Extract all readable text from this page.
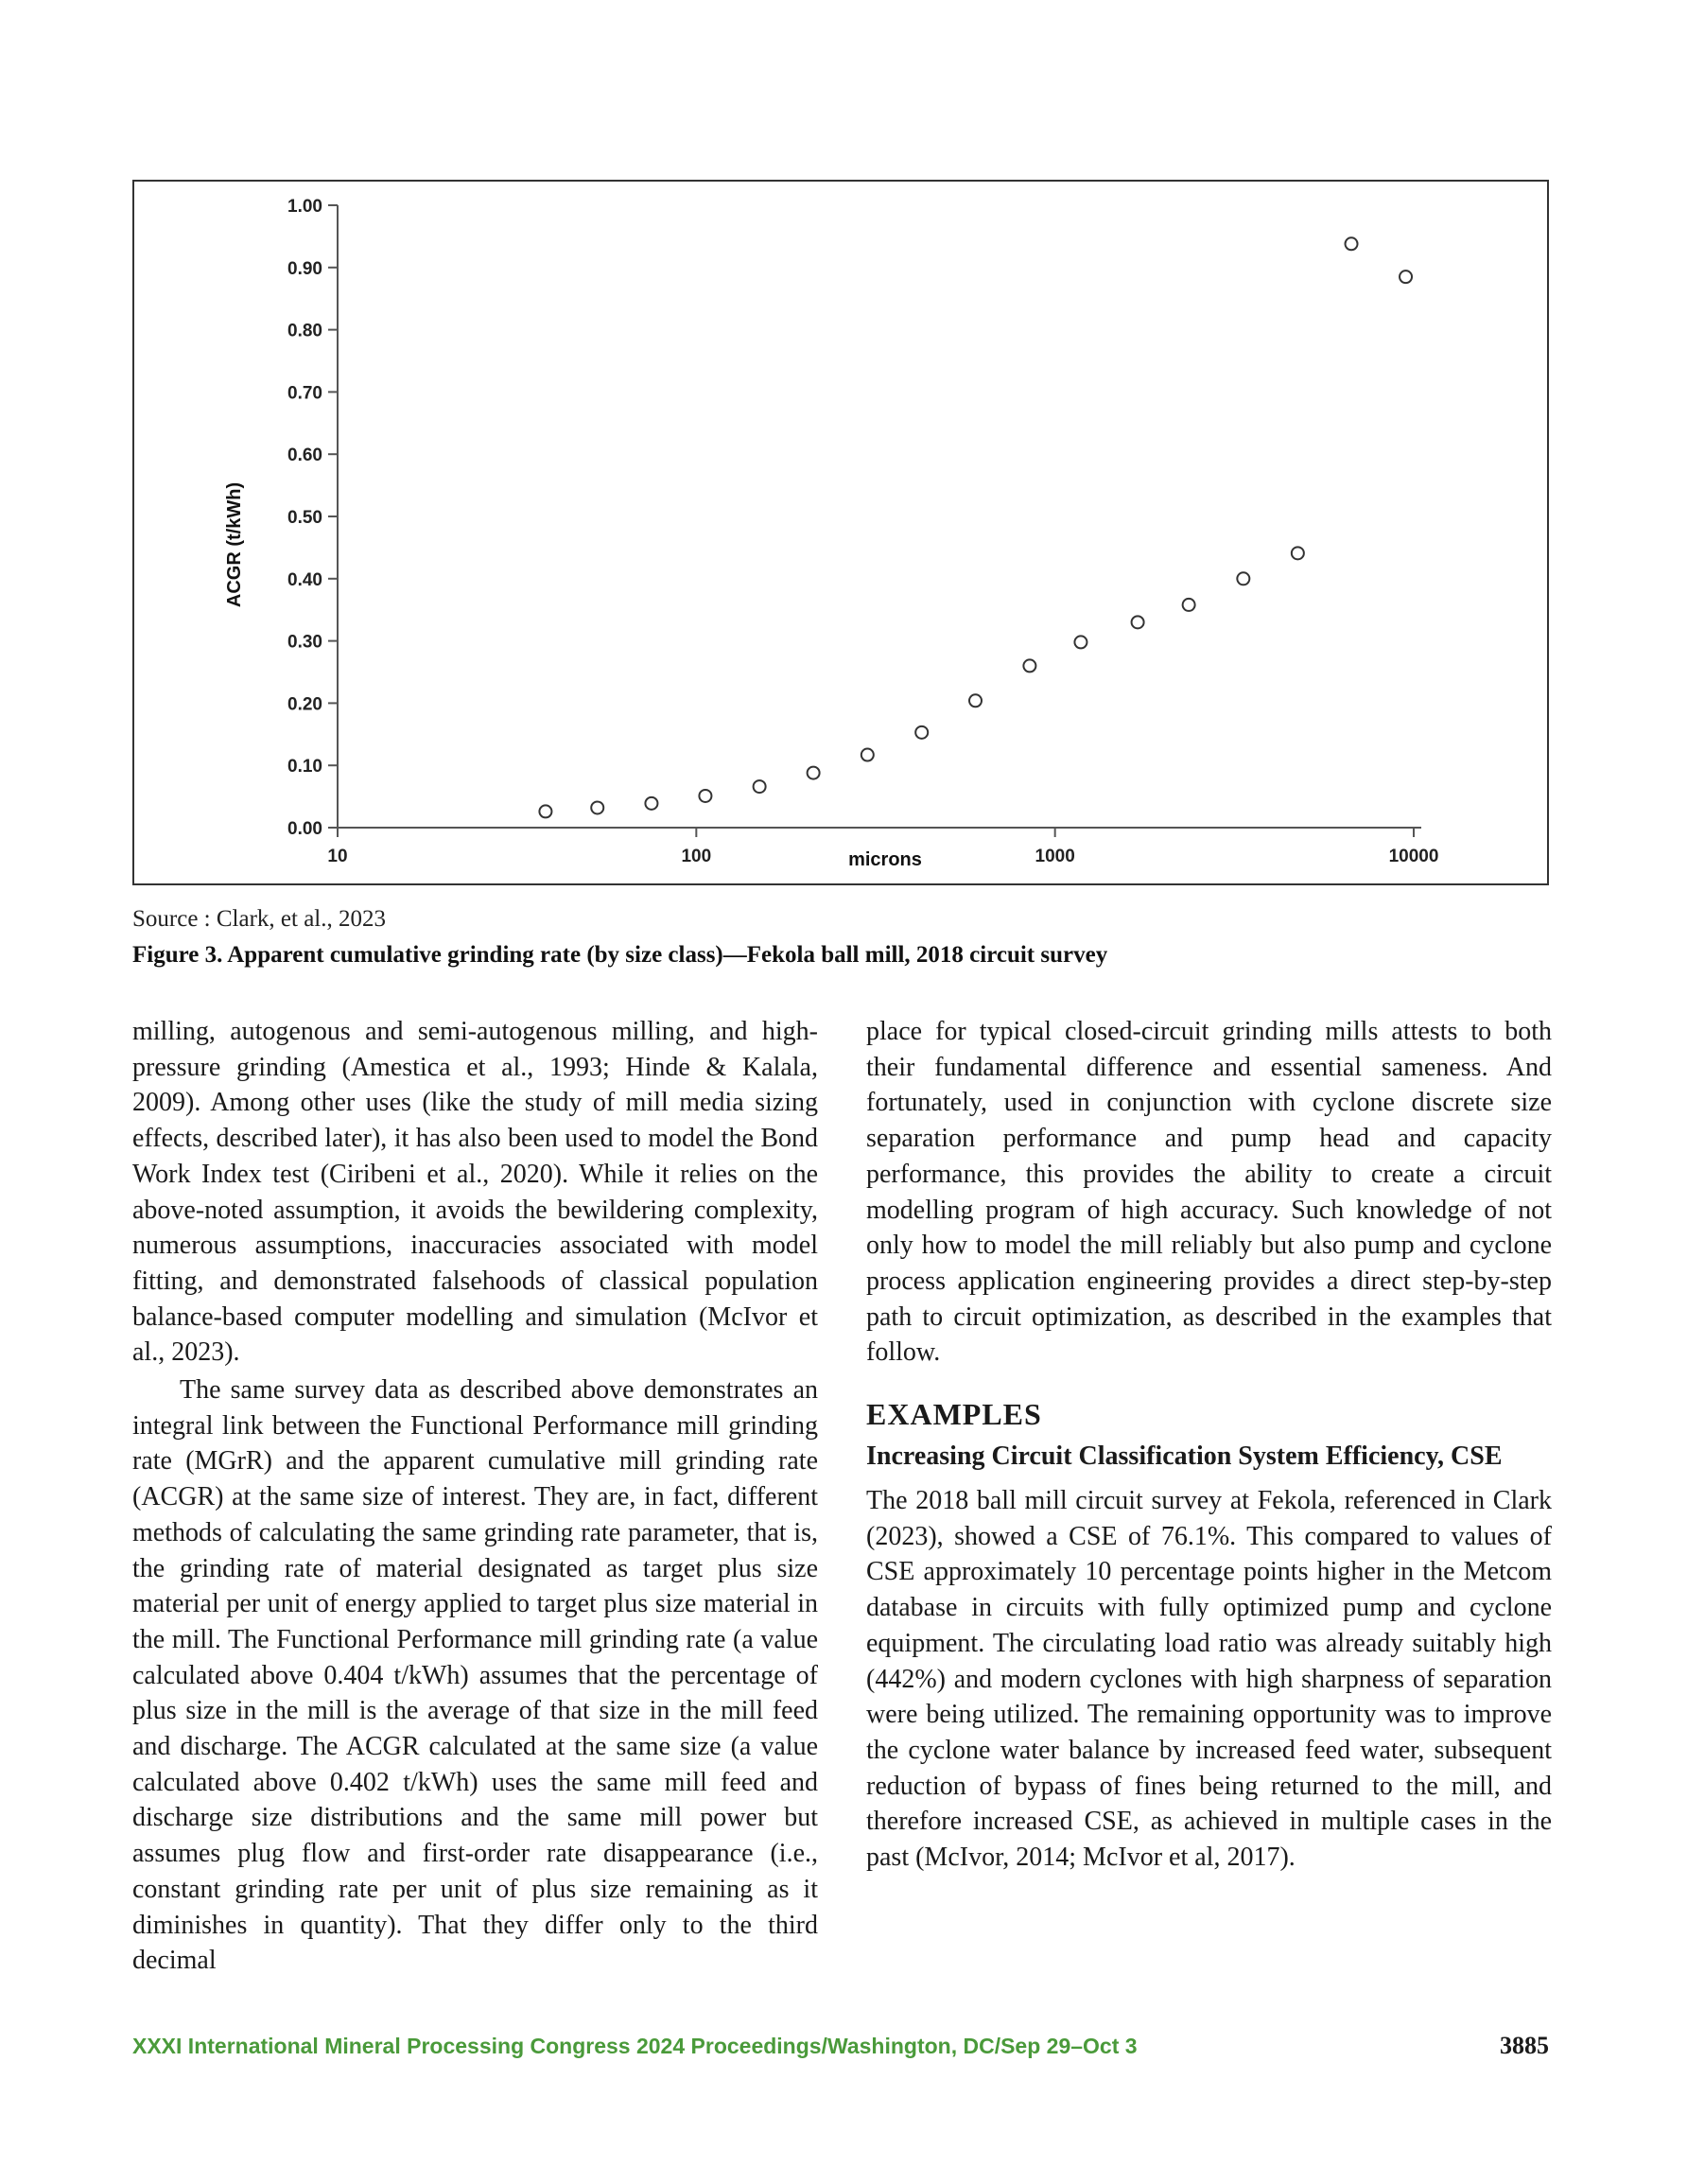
0.00
0.10
0.20
0.30
0.40
0.50
0.60
0.70
0.80
0.90
1.00
10	100	1000	10000
microns
ACGR (t/kWh)
Source : Clark, et al., 2023
Figure 3. Apparent cumulative grinding rate (by size class)—Fekola ball mill, 2018 circuit survey

milling, autogenous and semi-autogenous milling, and high-pressure grinding (Amestica et al., 1993; Hinde & Kalala, 2009). Among other uses (like the study of mill media sizing effects, described later), it has also been used to model the Bond Work Index test (Ciribeni et al., 2020). While it relies on the above-noted assumption, it avoids the bewildering complexity, numerous assumptions, inaccuracies associated with model fitting, and demonstrated falsehoods of classical population balance-based computer modelling and simulation (McIvor et al., 2023).

The same survey data as described above demonstrates an integral link between the Functional Performance mill grinding rate (MGrR) and the apparent cumulative mill grinding rate (ACGR) at the same size of interest. They are, in fact, different methods of calculating the same grinding rate parameter, that is, the grinding rate of material designated as target plus size material per unit of energy applied to target plus size material in the mill. The Functional Performance mill grinding rate (a value calculated above 0.404 t/kWh) assumes that the percentage of plus size in the mill is the average of that size in the mill feed and discharge. The ACGR calculated at the same size (a value calculated above 0.402 t/kWh) uses the same mill feed and discharge size distributions and the same mill power but assumes plug flow and first-order rate disappearance (i.e., constant grinding rate per unit of plus size remaining as it diminishes in quantity). That they differ only to the third decimal

place for typical closed-circuit grinding mills attests to both their fundamental difference and essential sameness. And fortunately, used in conjunction with cyclone discrete size separation performance and pump head and capacity performance, this provides the ability to create a circuit modelling program of high accuracy. Such knowledge of not only how to model the mill reliably but also pump and cyclone process application engineering provides a direct step-by-step path to circuit optimization, as described in the examples that follow.

EXAMPLES
Increasing Circuit Classification System Efficiency, CSE

The 2018 ball mill circuit survey at Fekola, referenced in Clark (2023), showed a CSE of 76.1%. This compared to values of CSE approximately 10 percentage points higher in the Metcom database in circuits with fully optimized pump and cyclone equipment. The circulating load ratio was already suitably high (442%) and modern cyclones with high sharpness of separation were being utilized. The remaining opportunity was to improve the cyclone water balance by increased feed water, subsequent reduction of bypass of fines being returned to the mill, and therefore increased CSE, as achieved in multiple cases in the past (McIvor, 2014; McIvor et al, 2017).

XXXI International Mineral Processing Congress 2024 Proceedings/Washington, DC/Sep 29–Oct 3	3885
